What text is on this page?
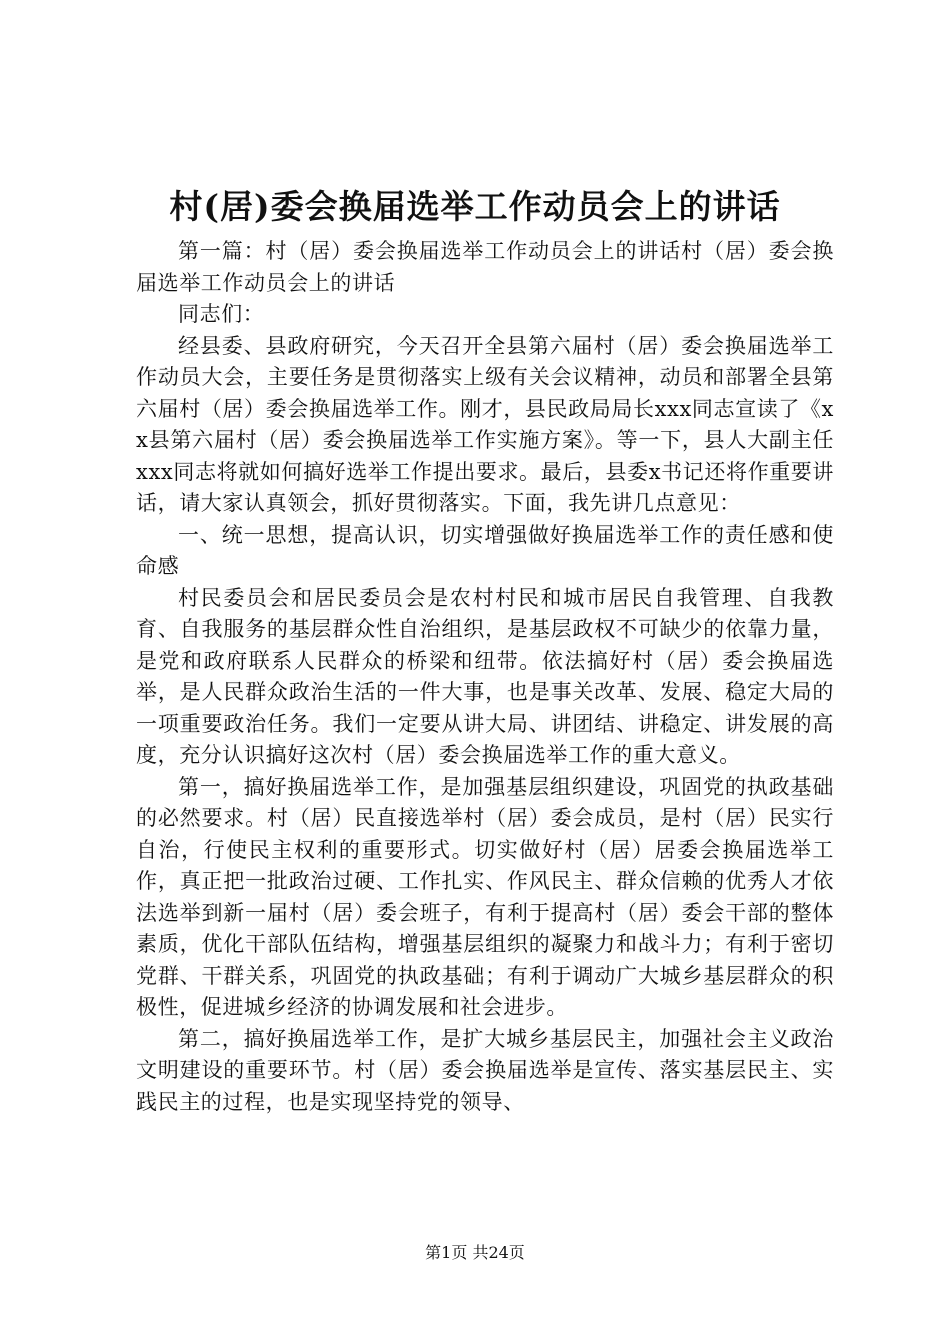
村(居)委会换届选举工作动员会上的讲话

第一篇：村（居）委会换届选举工作动员会上的讲话村（居）委会换届选举工作动员会上的讲话

同志们：

经县委、县政府研究，今天召开全县第六届村（居）委会换届选举工作动员大会，主要任务是贯彻落实上级有关会议精神，动员和部署全县第六届村（居）委会换届选举工作。刚才，县民政局局长xxx同志宣读了《xx县第六届村（居）委会换届选举工作实施方案》。等一下，县人大副主任xxx同志将就如何搞好选举工作提出要求。最后，县委x书记还将作重要讲话，请大家认真领会，抓好贯彻落实。下面，我先讲几点意见：

一、统一思想，提高认识，切实增强做好换届选举工作的责任感和使命感

村民委员会和居民委员会是农村村民和城市居民自我管理、自我教育、自我服务的基层群众性自治组织，是基层政权不可缺少的依靠力量，是党和政府联系人民群众的桥梁和纽带。依法搞好村（居）委会换届选举，是人民群众政治生活的一件大事，也是事关改革、发展、稳定大局的一项重要政治任务。我们一定要从讲大局、讲团结、讲稳定、讲发展的高度，充分认识搞好这次村（居）委会换届选举工作的重大意义。

第一，搞好换届选举工作，是加强基层组织建设，巩固党的执政基础的必然要求。村（居）民直接选举村（居）委会成员，是村（居）民实行自治，行使民主权利的重要形式。切实做好村（居）居委会换届选举工作，真正把一批政治过硬、工作扎实、作风民主、群众信赖的优秀人才依法选举到新一届村（居）委会班子，有利于提高村（居）委会干部的整体素质，优化干部队伍结构，增强基层组织的凝聚力和战斗力；有利于密切党群、干群关系，巩固党的执政基础；有利于调动广大城乡基层群众的积极性，促进城乡经济的协调发展和社会进步。

第二，搞好换届选举工作，是扩大城乡基层民主，加强社会主义政治文明建设的重要环节。村（居）委会换届选举是宣传、落实基层民主、实践民主的过程，也是实现坚持党的领导、

第1页 共24页
